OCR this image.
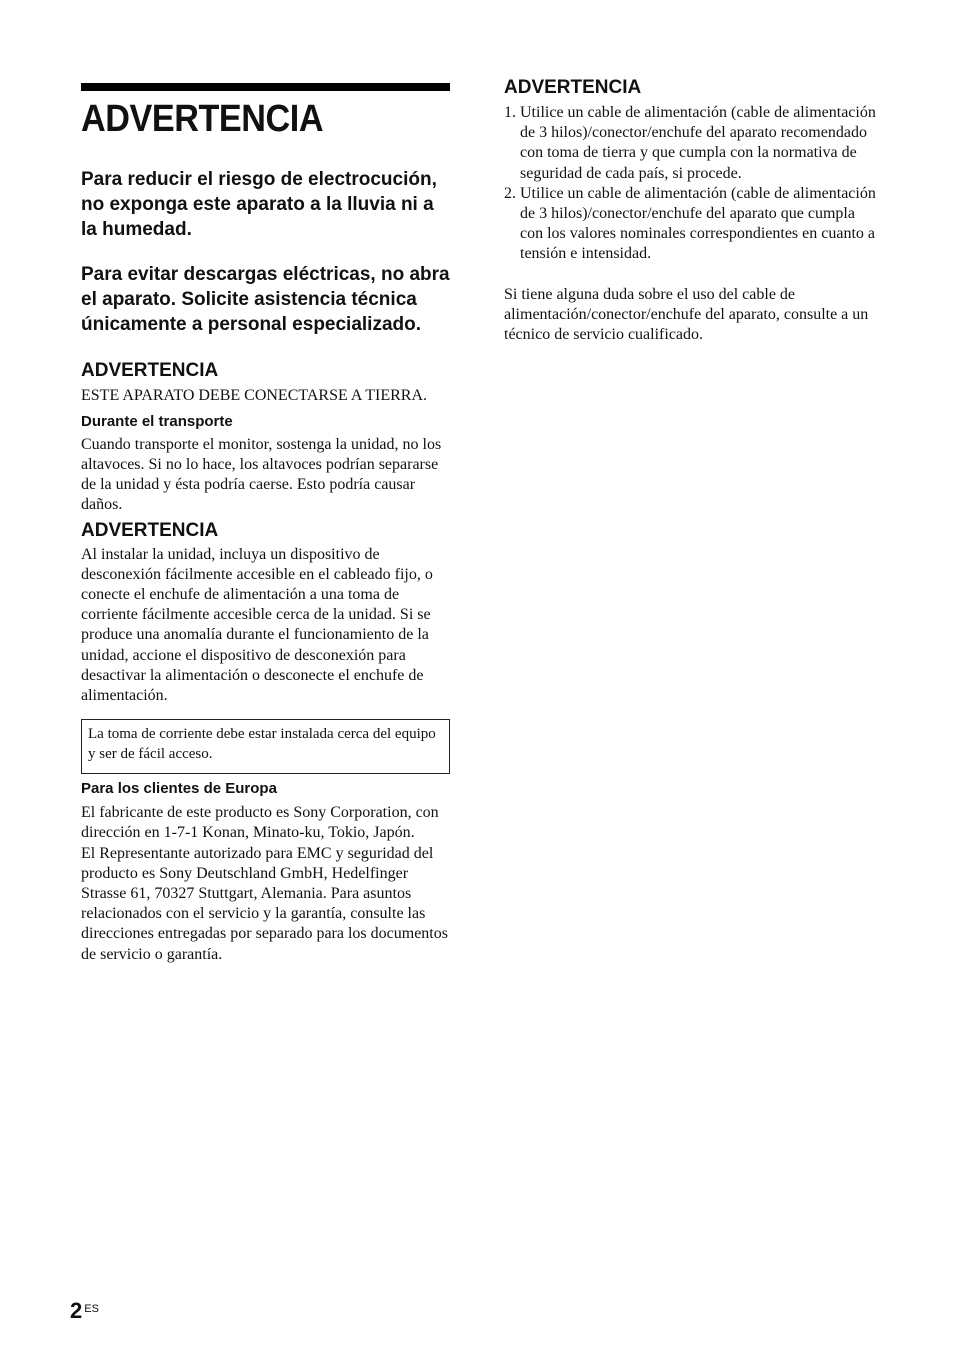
ADVERTENCIA

Para reducir el riesgo de electrocución, no exponga este aparato a la lluvia ni a la humedad.

Para evitar descargas eléctricas, no abra el aparato. Solicite asistencia técnica únicamente a personal especializado.

ADVERTENCIA

ESTE APARATO DEBE CONECTARSE A TIERRA.

Durante el transporte

Cuando transporte el monitor, sostenga la unidad, no los altavoces. Si no lo hace, los altavoces podrían separarse de la unidad y ésta podría caerse. Esto podría causar daños.

ADVERTENCIA

Al instalar la unidad, incluya un dispositivo de desconexión fácilmente accesible en el cableado fijo, o conecte el enchufe de alimentación a una toma de corriente fácilmente accesible cerca de la unidad. Si se produce una anomalía durante el funcionamiento de la unidad, accione el dispositivo de desconexión para desactivar la alimentación o desconecte el enchufe de alimentación.

La toma de corriente debe estar instalada cerca del equipo y ser de fácil acceso.
Para los clientes de Europa

El fabricante de este producto es Sony Corporation, con dirección en 1-7-1 Konan, Minato-ku, Tokio, Japón.

El Representante autorizado para EMC y seguridad del producto es Sony Deutschland GmbH, Hedelfinger Strasse 61, 70327 Stuttgart, Alemania. Para asuntos relacionados con el servicio y la garantía, consulte las direcciones entregadas por separado para los documentos de servicio o garantía.

ADVERTENCIA
1. Utilice un cable de alimentación (cable de alimentación de 3 hilos)/conector/enchufe del aparato recomendado con toma de tierra y que cumpla con la normativa de seguridad de cada país, si procede.
2. Utilice un cable de alimentación (cable de alimentación de 3 hilos)/conector/enchufe del aparato que cumpla con los valores nominales correspondientes en cuanto a tensión e intensidad.

Si tiene alguna duda sobre el uso del cable de alimentación/conector/enchufe del aparato, consulte a un técnico de servicio cualificado.

2 $^{ES}$
